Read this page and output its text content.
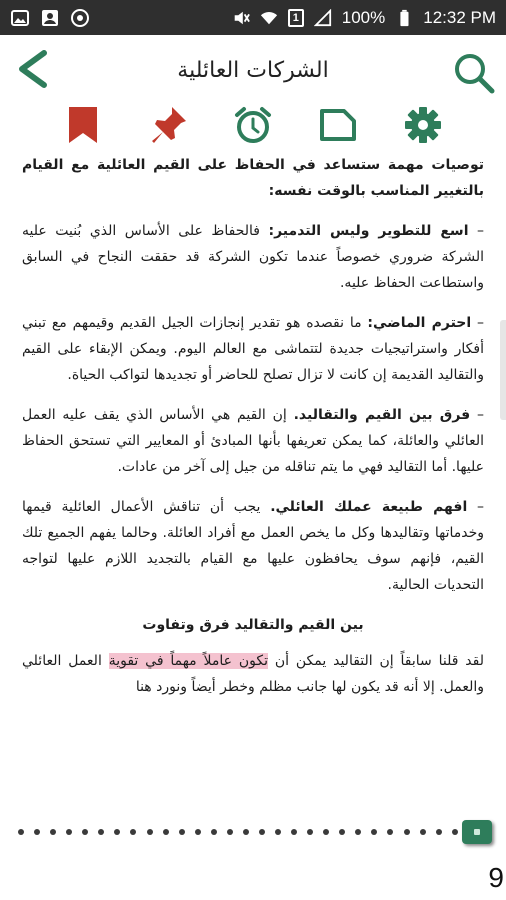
1	100% 12:32 PM
الشركات العائلية

توصيات مهمة ستساعد في الحفاظ على القيم العائلية مع القيام بالتغيير المناسب بالوقت نفسه:

– اسع للتطوير وليس التدمير: فالحفاظ على الأساس الذي بُنيت عليه الشركة ضروري خصوصاً عندما تكون الشركة قد حققت النجاح في السابق واستطاعت الحفاظ عليه.

– احترم الماضي: ما نقصده هو تقدير إنجازات الجيل القديم وقيمهم مع تبني أفكار واستراتيجيات جديدة لتتماشى مع العالم اليوم. ويمكن الإبقاء على القيم والتقاليد القديمة إن كانت لا تزال تصلح للحاضر أو تجديدها لتواكب الحياة.

– فرق بين القيم والتقاليد. إن القيم هي الأساس الذي يقف عليه العمل العائلي والعائلة، كما يمكن تعريفها بأنها المبادئ أو المعايير التي تستحق الحفاظ عليها. أما التقاليد فهي ما يتم تناقله من جيل إلى آخر من عادات.

– افهم طبيعة عملك العائلي. يجب أن تناقش الأعمال العائلية قيمها وخدماتها وتقاليدها وكل ما يخص العمل مع أفراد العائلة. وحالما يفهم الجميع تلك القيم، فإنهم سوف يحافظون عليها مع القيام بالتجديد اللازم عليها لتواجه التحديات الحالية.

بين القيم والتقاليد فرق وتفاوت

لقد قلنا سابقاً إن التقاليد يمكن أن تكون عاملاً مهماً في تقوية العمل العائلي والعمل. إلا أنه قد يكون لها جانب مظلم وخطر أيضاً ونورد هنا

9
